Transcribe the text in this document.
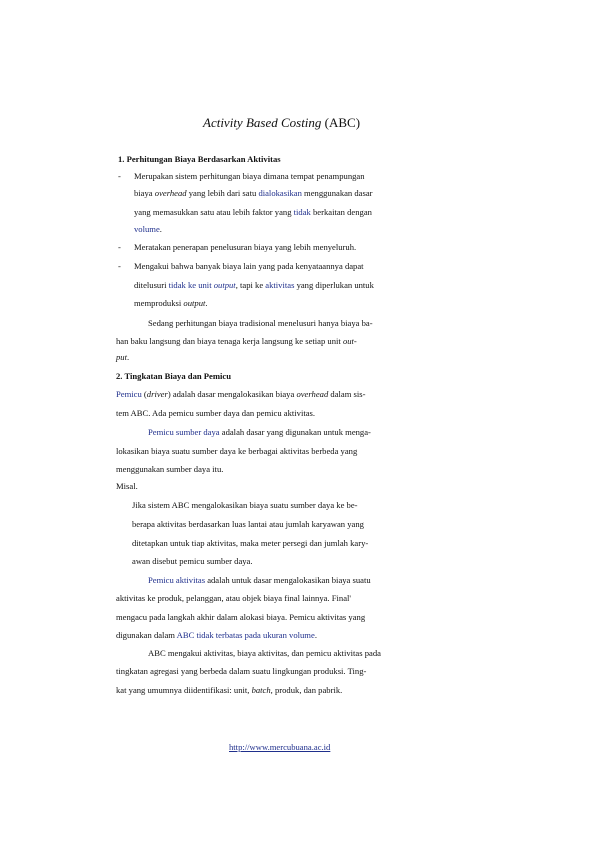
Activity Based Costing (ABC)
1. Perhitungan Biaya Berdasarkan Aktivitas
- Merupakan sistem perhitungan biaya dimana tempat penampungan
biaya overhead yang lebih dari satu dialokasikan menggunakan dasar
yang memasukkan satu atau lebih faktor yang tidak berkaitan dengan
volume.
- Meratakan penerapan penelusuran biaya yang lebih menyeluruh.
- Mengakui bahwa banyak biaya lain yang pada kenyataannya dapat
ditelusuri tidak ke unit output, tapi ke aktivitas yang diperlukan untuk
memproduksi output.
Sedang perhitungan biaya tradisional menelusuri hanya biaya ba-
han baku langsung dan biaya tenaga kerja langsung ke setiap unit out-
put.
2. Tingkatan Biaya dan Pemicu
Pemicu (driver) adalah dasar mengalokasikan biaya overhead dalam sis-
tem ABC. Ada pemicu sumber daya dan pemicu aktivitas.
Pemicu sumber daya adalah dasar yang digunakan untuk menga-
lokasikan biaya suatu sumber daya ke berbagai aktivitas berbeda yang
menggunakan sumber daya itu.
Misal.
Jika sistem ABC mengalokasikan biaya suatu sumber daya ke be-
berapa aktivitas berdasarkan luas lantai atau jumlah karyawan yang
ditetapkan untuk tiap aktivitas, maka meter persegi dan jumlah kary-
awan disebut pemicu sumber daya.
Pemicu aktivitas adalah untuk dasar mengalokasikan biaya suatu
aktivitas ke produk, pelanggan, atau objek biaya final lainnya. Final'
mengacu pada langkah akhir dalam alokasi biaya. Pemicu aktivitas yang
digunakan dalam ABC tidak terbatas pada ukuran volume.
ABC mengakui aktivitas, biaya aktivitas, dan pemicu aktivitas pada
tingkatan agregasi yang berbeda dalam suatu lingkungan produksi. Ting-
kat yang umumnya diidentifikasi: unit, batch, produk, dan pabrik.
http://www.mercubuana.ac.id
